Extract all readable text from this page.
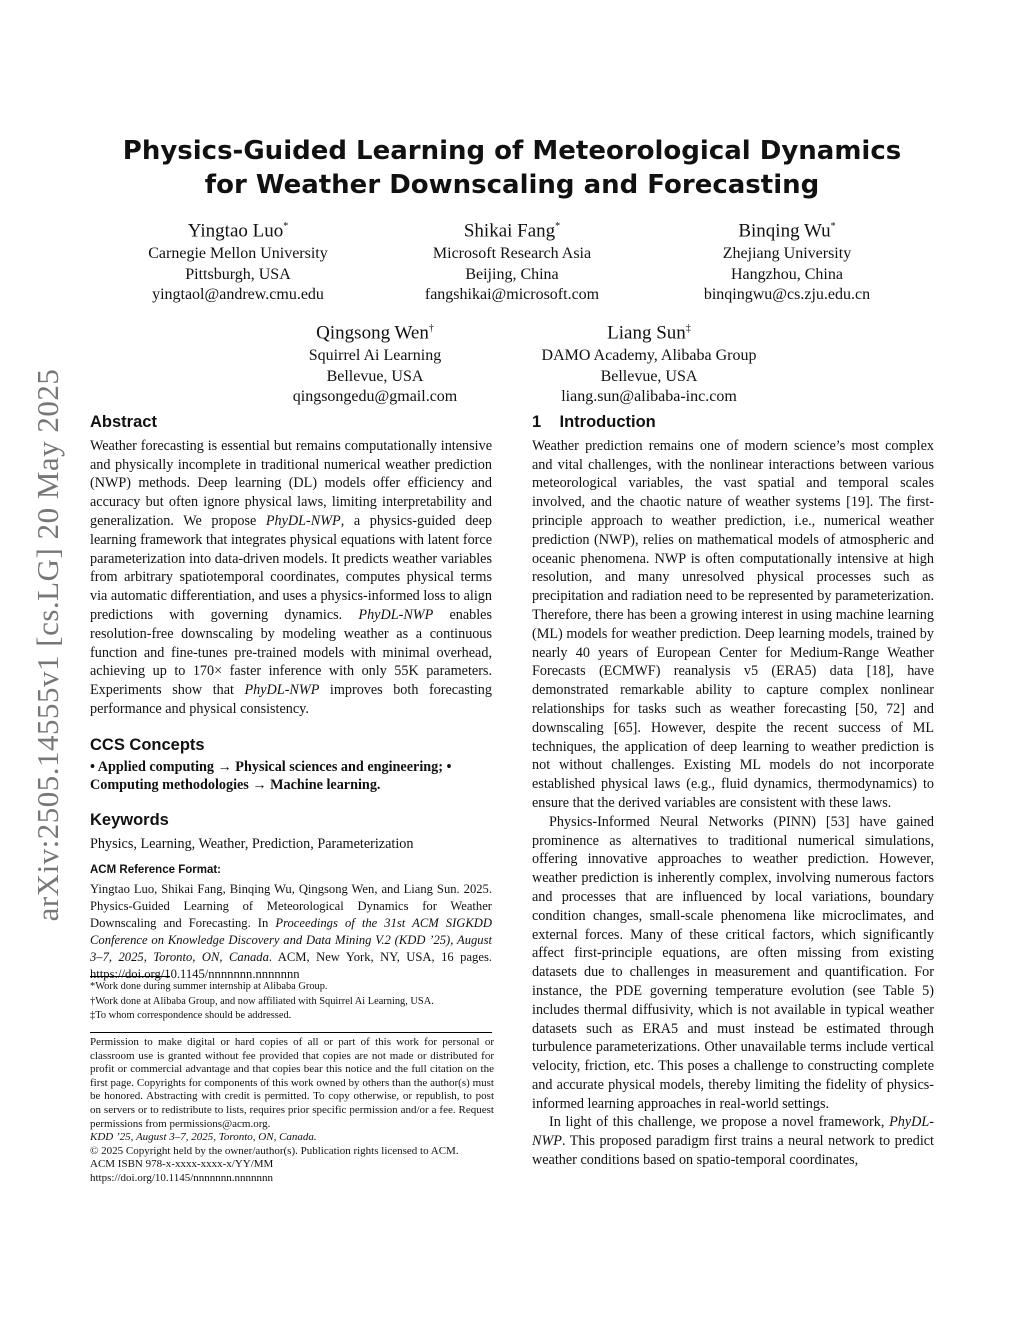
arXiv:2505.14555v1 [cs.LG] 20 May 2025
Physics-Guided Learning of Meteorological Dynamics
for Weather Downscaling and Forecasting
Yingtao Luo*
Carnegie Mellon University
Pittsburgh, USA
yingtaol@andrew.cmu.edu
Shikai Fang*
Microsoft Research Asia
Beijing, China
fangshikai@microsoft.com
Binqing Wu*
Zhejiang University
Hangzhou, China
binqingwu@cs.zju.edu.cn
Qingsong Wen†
Squirrel Ai Learning
Bellevue, USA
qingsongedu@gmail.com
Liang Sun‡
DAMO Academy, Alibaba Group
Bellevue, USA
liang.sun@alibaba-inc.com
Abstract

Weather forecasting is essential but remains computationally intensive and physically incomplete in traditional numerical weather prediction (NWP) methods. Deep learning (DL) models offer efficiency and accuracy but often ignore physical laws, limiting interpretability and generalization. We propose PhyDL-NWP, a physics-guided deep learning framework that integrates physical equations with latent force parameterization into data-driven models. It predicts weather variables from arbitrary spatiotemporal coordinates, computes physical terms via automatic differentiation, and uses a physics-informed loss to align predictions with governing dynamics. PhyDL-NWP enables resolution-free downscaling by modeling weather as a continuous function and fine-tunes pre-trained models with minimal overhead, achieving up to 170× faster inference with only 55K parameters. Experiments show that PhyDL-NWP improves both forecasting performance and physical consistency.

CCS Concepts

• Applied computing → Physical sciences and engineering; •
Computing methodologies → Machine learning.

Keywords

Physics, Learning, Weather, Prediction, Parameterization

ACM Reference Format:

Yingtao Luo, Shikai Fang, Binqing Wu, Qingsong Wen, and Liang Sun. 2025. Physics-Guided Learning of Meteorological Dynamics for Weather Downscaling and Forecasting. In Proceedings of the 31st ACM SIGKDD Conference on Knowledge Discovery and Data Mining V.2 (KDD ’25), August 3–7, 2025, Toronto, ON, Canada. ACM, New York, NY, USA, 16 pages. https://doi.org/10.1145/nnnnnnn.nnnnnnn

*Work done during summer internship at Alibaba Group.
†Work done at Alibaba Group, and now affiliated with Squirrel Ai Learning, USA.
‡To whom correspondence should be addressed.

Permission to make digital or hard copies of all or part of this work for personal or classroom use is granted without fee provided that copies are not made or distributed for profit or commercial advantage and that copies bear this notice and the full citation on the first page. Copyrights for components of this work owned by others than the author(s) must be honored. Abstracting with credit is permitted. To copy otherwise, or republish, to post on servers or to redistribute to lists, requires prior specific permission and/or a fee. Request permissions from permissions@acm.org.

KDD ’25, August 3–7, 2025, Toronto, ON, Canada.

© 2025 Copyright held by the owner/author(s). Publication rights licensed to ACM.

ACM ISBN 978-x-xxxx-xxxx-x/YY/MM

https://doi.org/10.1145/nnnnnnn.nnnnnnn

1    Introduction

Weather prediction remains one of modern science’s most complex and vital challenges, with the nonlinear interactions between various meteorological variables, the vast spatial and temporal scales involved, and the chaotic nature of weather systems [19]. The first-principle approach to weather prediction, i.e., numerical weather prediction (NWP), relies on mathematical models of atmospheric and oceanic phenomena. NWP is often computationally intensive at high resolution, and many unresolved physical processes such as precipitation and radiation need to be represented by parameterization. Therefore, there has been a growing interest in using machine learning (ML) models for weather prediction. Deep learning models, trained by nearly 40 years of European Center for Medium-Range Weather Forecasts (ECMWF) reanalysis v5 (ERA5) data [18], have demonstrated remarkable ability to capture complex nonlinear relationships for tasks such as weather forecasting [50, 72] and downscaling [65]. However, despite the recent success of ML techniques, the application of deep learning to weather prediction is not without challenges. Existing ML models do not incorporate established physical laws (e.g., fluid dynamics, thermodynamics) to ensure that the derived variables are consistent with these laws.

Physics-Informed Neural Networks (PINN) [53] have gained prominence as alternatives to traditional numerical simulations, offering innovative approaches to weather prediction. However, weather prediction is inherently complex, involving numerous factors and processes that are influenced by local variations, boundary condition changes, small-scale phenomena like microclimates, and external forces. Many of these critical factors, which significantly affect first-principle equations, are often missing from existing datasets due to challenges in measurement and quantification. For instance, the PDE governing temperature evolution (see Table 5) includes thermal diffusivity, which is not available in typical weather datasets such as ERA5 and must instead be estimated through turbulence parameterizations. Other unavailable terms include vertical velocity, friction, etc. This poses a challenge to constructing complete and accurate physical models, thereby limiting the fidelity of physics-informed learning approaches in real-world settings.

In light of this challenge, we propose a novel framework, PhyDL-NWP. This proposed paradigm first trains a neural network to predict weather conditions based on spatio-temporal coordinates,
